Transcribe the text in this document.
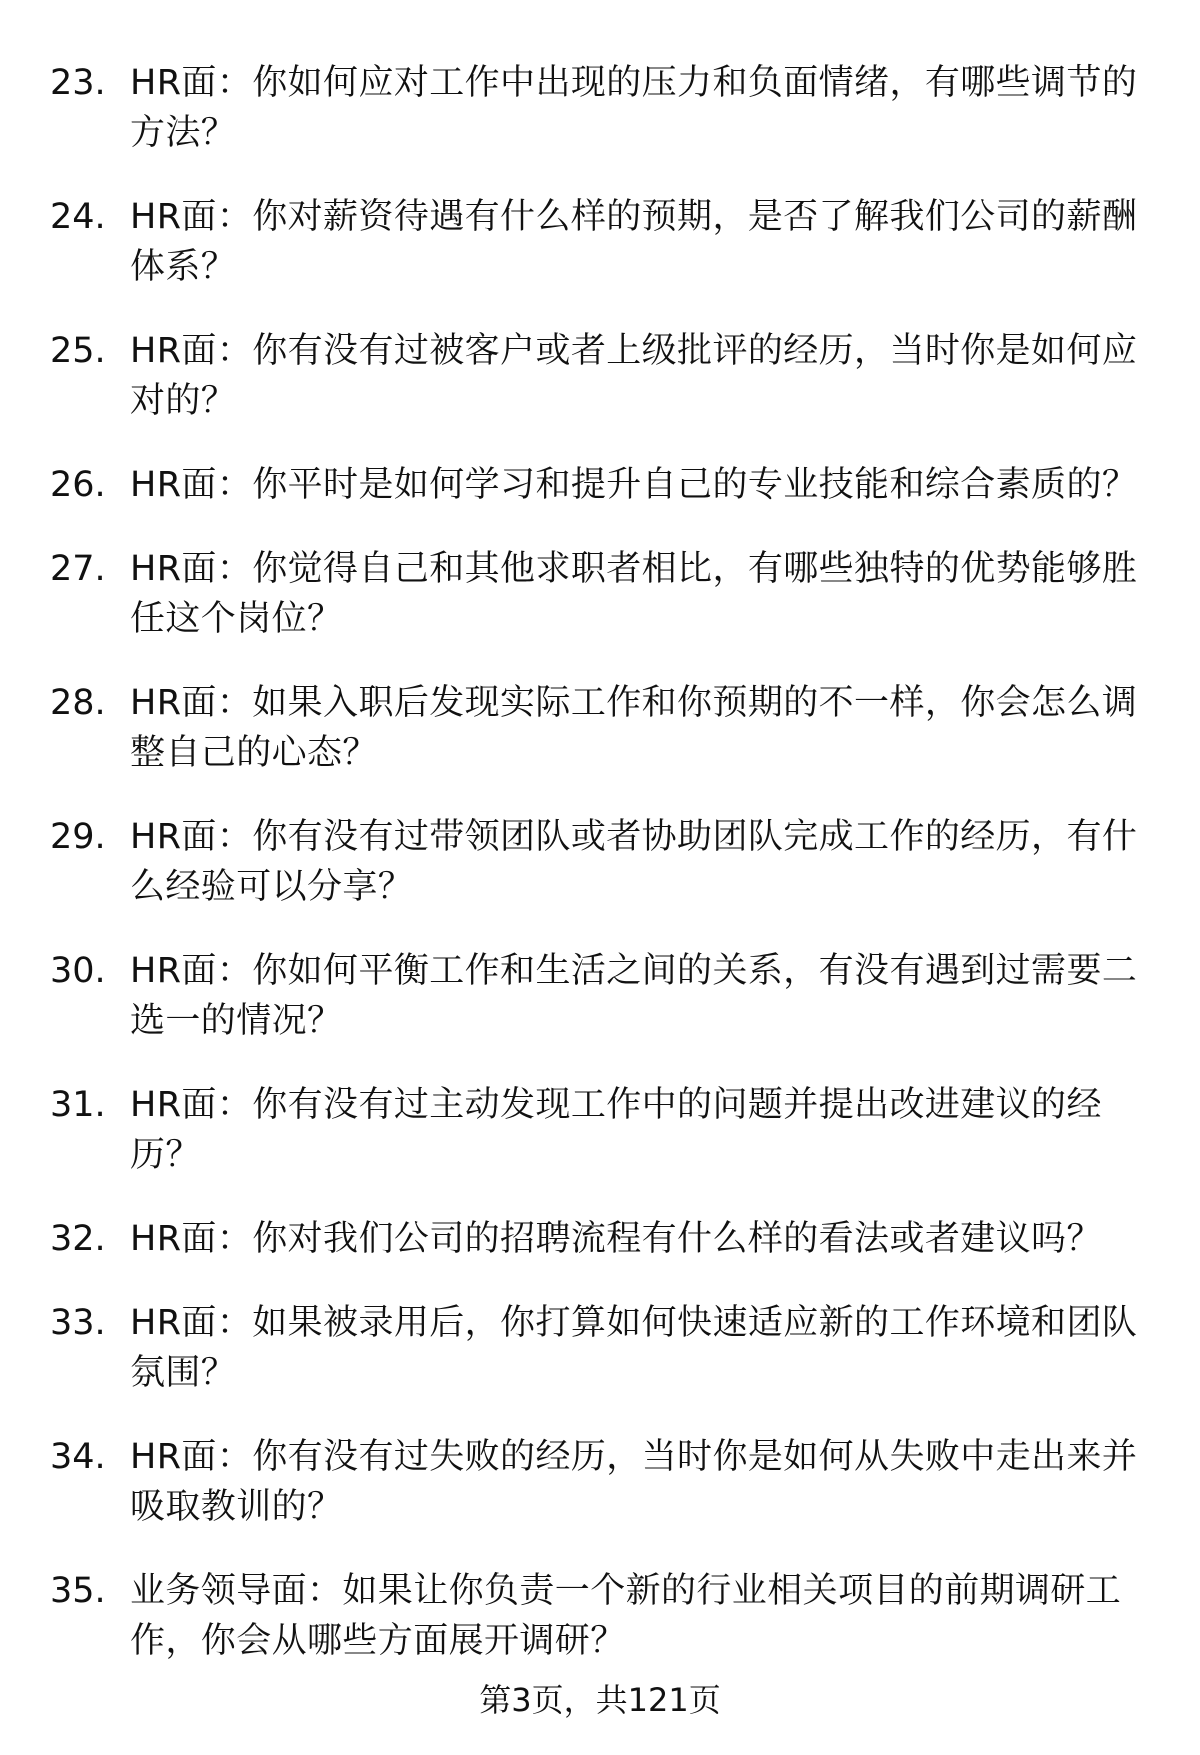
23. HR面：你如何应对工作中出现的压力和负面情绪，有哪些调节的方法？
24. HR面：你对薪资待遇有什么样的预期，是否了解我们公司的薪酬体系？
25. HR面：你有没有过被客户或者上级批评的经历，当时你是如何应对的？
26. HR面：你平时是如何学习和提升自己的专业技能和综合素质的？
27. HR面：你觉得自己和其他求职者相比，有哪些独特的优势能够胜任这个岗位？
28. HR面：如果入职后发现实际工作和你预期的不一样，你会怎么调整自己的心态？
29. HR面：你有没有过带领团队或者协助团队完成工作的经历，有什么经验可以分享？
30. HR面：你如何平衡工作和生活之间的关系，有没有遇到过需要二选一的情况？
31. HR面：你有没有过主动发现工作中的问题并提出改进建议的经历？
32. HR面：你对我们公司的招聘流程有什么样的看法或者建议吗？
33. HR面：如果被录用后，你打算如何快速适应新的工作环境和团队氛围？
34. HR面：你有没有过失败的经历，当时你是如何从失败中走出来并吸取教训的？
35. 业务领导面：如果让你负责一个新的行业相关项目的前期调研工作，你会从哪些方面展开调研？
第3页，共121页
